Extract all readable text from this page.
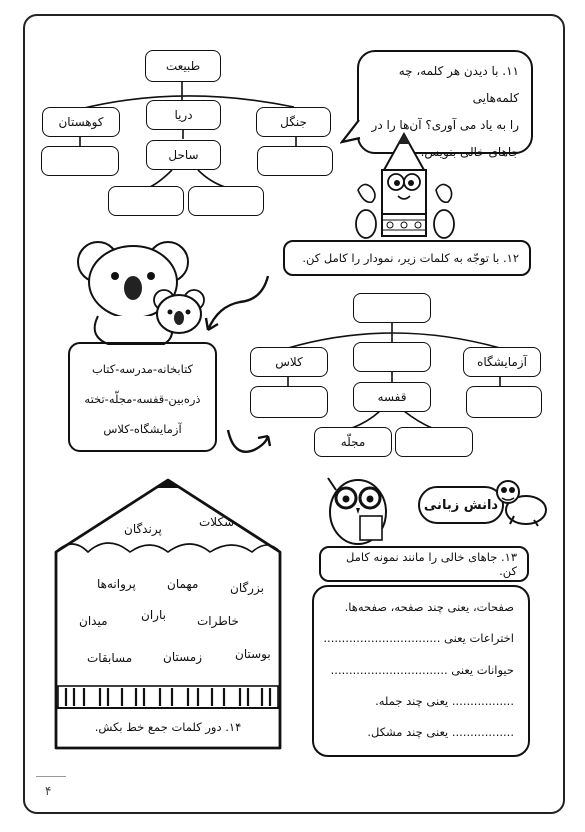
طبیعت
کوهستان	دریا	جنگل
ساحل
۱۱. با دیدن هر کلمه، چه کلمه‌هایی
را به یاد می آوری؟ آن‌ها را در
جاهای خالی بنویس.
۱۲. با توجّه به کلمات زیر، نمودار را کامل کن.
کتابخانه-مدرسه-کتاب
ذره‌بین-قفسه-مجلّه-تخته
آزمایشگاه-کلاس
کلاس	آزمایشگاه
قفسه
مجلّه
دانش زبانی
۱۳. جاهای خالی را مانند نمونه کامل کن.
صفحات، یعنی چند صفحه، صفحه‌ها.
اختراعات یعنی ................................
حیوانات یعنی ................................
................. یعنی چند جمله.
................. یعنی چند مشکل.
شکلات
پرندگان
مهمان
پروانه‌ها	بزرگان
باران	خاطرات
میدان
بوستان
زمستان
مسابقات
۱۴. دور کلمات جمع خط بکش.
۴
